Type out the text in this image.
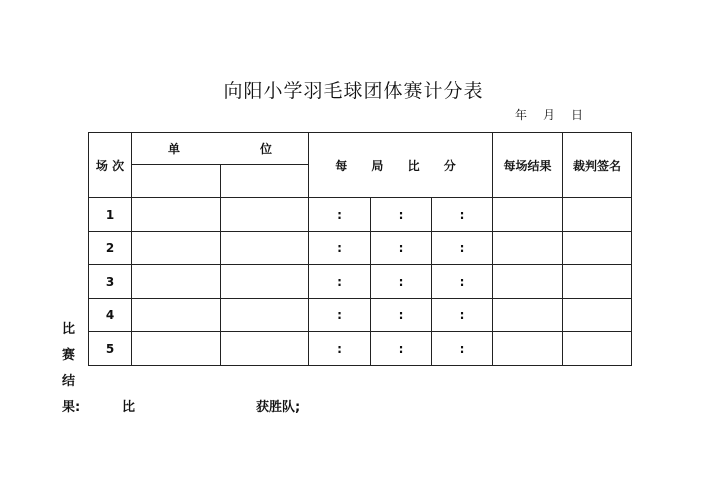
向阳小学羽毛球团体赛计分表
年 月 日
场 次	单 位		每 局 比 分			每场结果	裁判签名

1			:	:	:		
2			:	:	:		
3			:	:	:		
4			:	:	:		
5			:	:	:		
比
赛
结
果:	比	获胜队;
